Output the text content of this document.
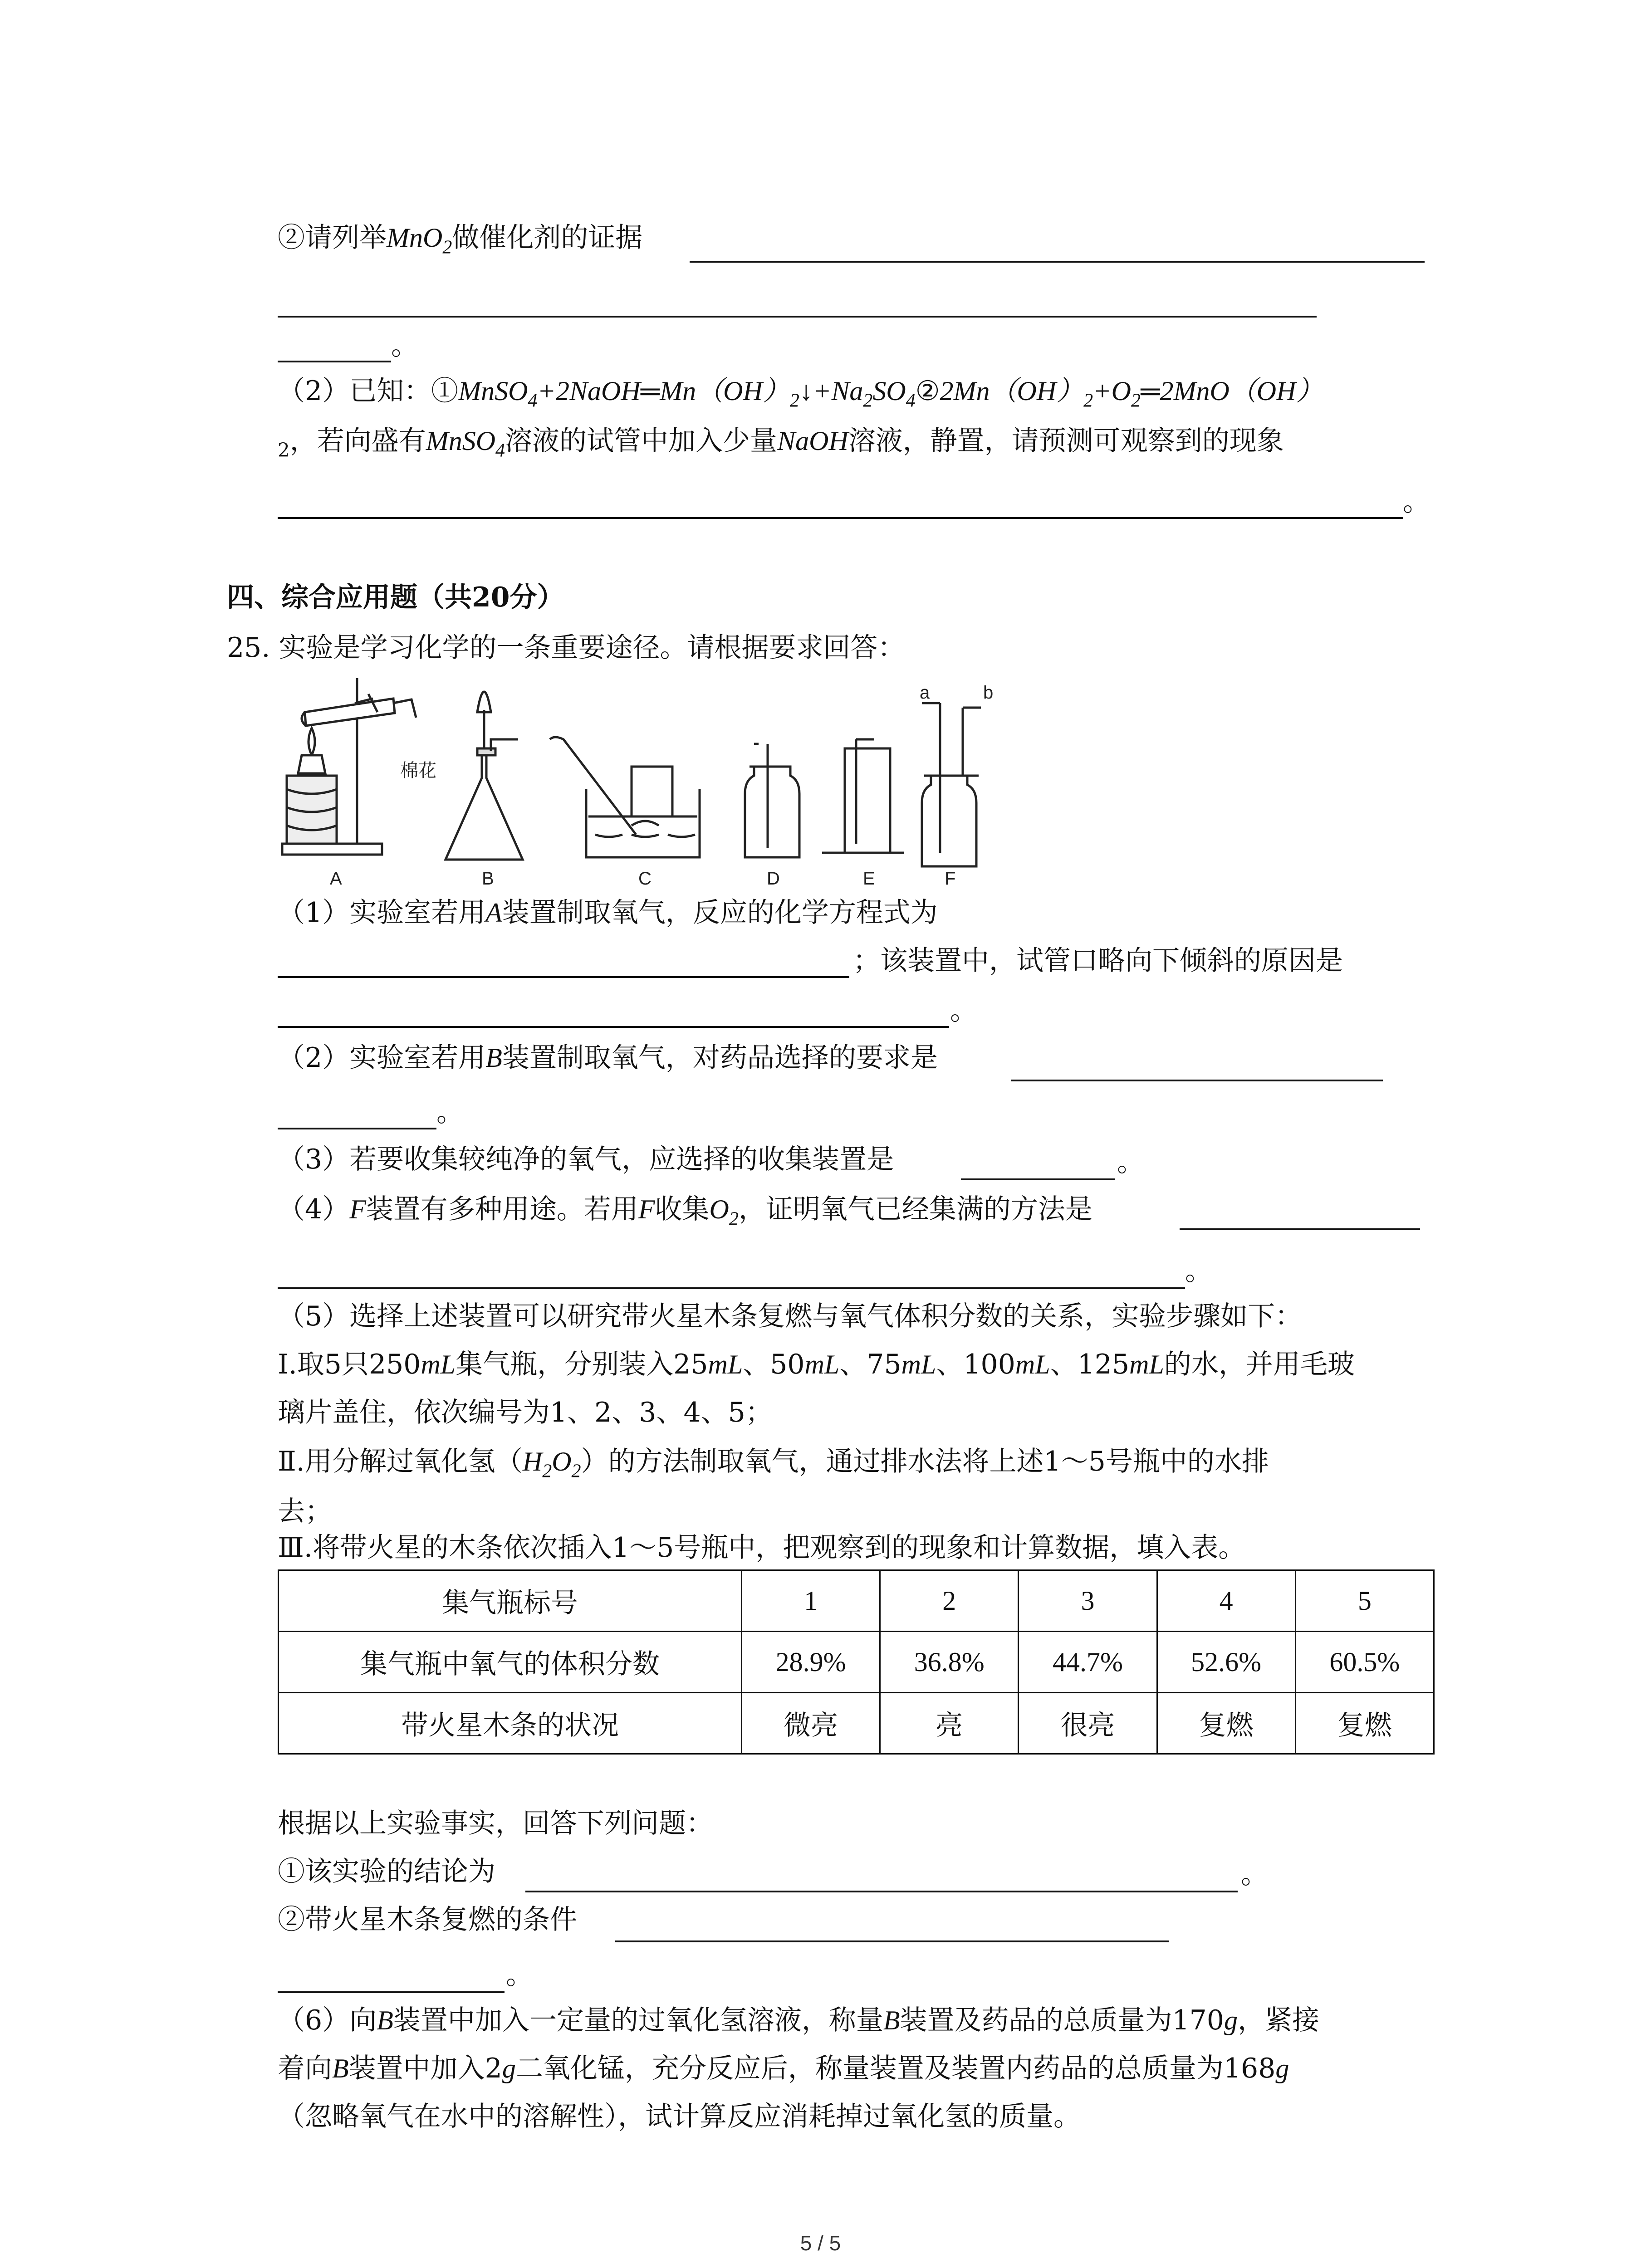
②请列举MnO$_2$做催化剂的证据
。
（2）已知：$①MnSO_4+2NaOH═Mn(OH)_2↓+Na_2SO_4②2Mn(OH)_2+O_2═2MnO(OH)$
$_2$，若向盛有MnSO$_4$溶液的试管中加入少量NaOH溶液，静置，请预测可观察到的现象
。
四、综合应用题（共20分）
25. 实验是学习化学的一条重要途径。请根据要求回答：
棉花
a	b
A	B	C	D	E	F
（1）实验室若用A装置制取氧气，反应的化学方程式为
；该装置中，试管口略向下倾斜的原因是
。
（2）实验室若用B装置制取氧气，对药品选择的要求是
。
（3）若要收集较纯净的氧气，应选择的收集装置是	。
（4）F装置有多种用途。若用F收集$O_2$，证明氧气已经集满的方法是
。
（5）选择上述装置可以研究带火星木条复燃与氧气体积分数的关系，实验步骤如下：
Ⅰ.取5只250mL集气瓶，分别装入25mL、50mL、75mL、100mL、125mL的水，并用毛玻
璃片盖住，依次编号为1、2、3、4、5；
Ⅱ.用分解过氧化氢$(H_2O_2)$的方法制取氧气，通过排水法将上述1～5号瓶中的水排
去；
Ⅲ.将带火星的木条依次插入1～5号瓶中，把观察到的现象和计算数据，填入表。
集气瓶标号	1	2	3	4	5
集气瓶中氧气的体积分数	28.9%	36.8%	44.7%	52.6%	60.5%
带火星木条的状况	微亮	亮	很亮	复燃	复燃
根据以上实验事实，回答下列问题：
①该实验的结论为	。
②带火星木条复燃的条件
。
（6）向B装置中加入一定量的过氧化氢溶液，称量B装置及药品的总质量为170g，紧接
着向B装置中加入2g二氧化锰，充分反应后，称量装置及装置内药品的总质量为168g
（忽略氧气在水中的溶解性），试计算反应消耗掉过氧化氢的质量。
5 / 5
